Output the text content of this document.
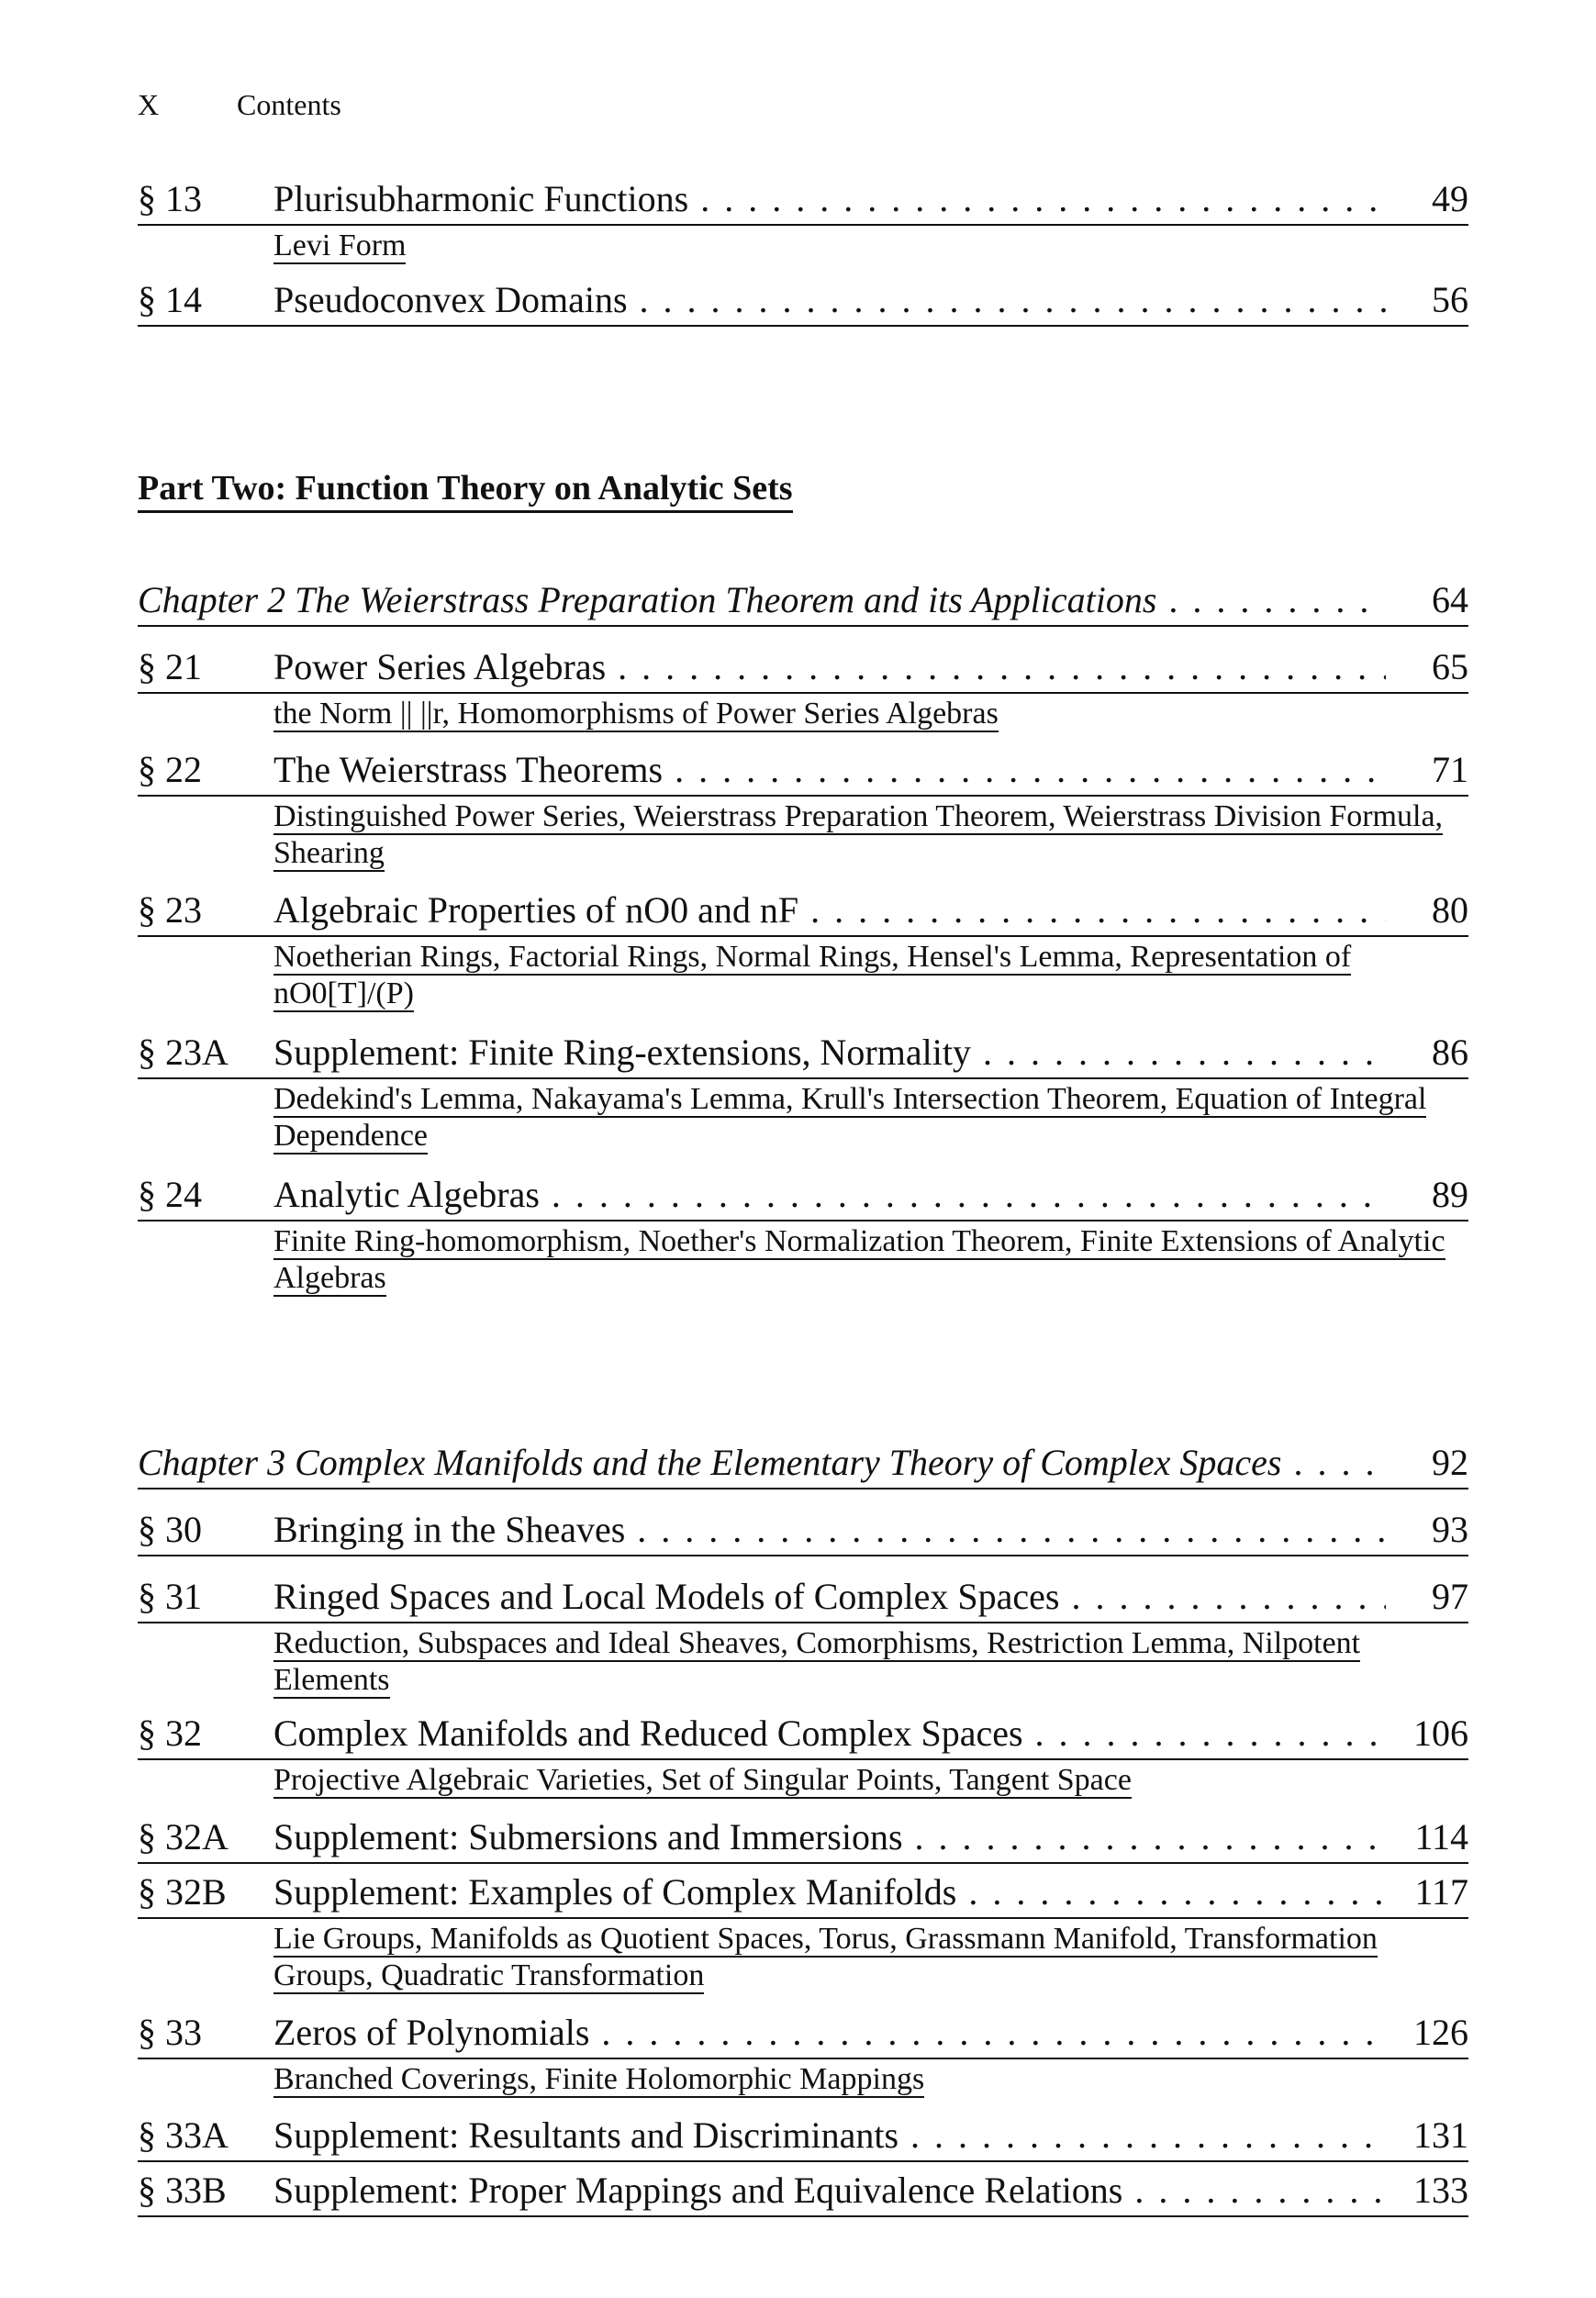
X	Contents
§ 13 Plurisubharmonic Functions . . .	49
Levi Form
§ 14 Pseudoconvex Domains . . .	56
Part Two: Function Theory on Analytic Sets
Chapter 2 The Weierstrass Preparation Theorem and its Applications . . .	64
§ 21 Power Series Algebras . . .	65
the Norm || ||r, Homomorphisms of Power Series Algebras
§ 22 The Weierstrass Theorems . . .	71
Distinguished Power Series, Weierstrass Preparation Theorem, Weierstrass Division Formula, Shearing
§ 23 Algebraic Properties of nO0 and nF . . .	80
Noetherian Rings, Factorial Rings, Normal Rings, Hensel's Lemma, Representation of nO0[T]/(P)
§ 23A Supplement: Finite Ring-extensions, Normality . . .	86
Dedekind's Lemma, Nakayama's Lemma, Krull's Intersection Theorem, Equation of Integral Dependence
§ 24 Analytic Algebras . . .	89
Finite Ring-homomorphism, Noether's Normalization Theorem, Finite Extensions of Analytic Algebras
Chapter 3 Complex Manifolds and the Elementary Theory of Complex Spaces . . .	92
§ 30 Bringing in the Sheaves . . .	93
§ 31 Ringed Spaces and Local Models of Complex Spaces . . .	97
Reduction, Subspaces and Ideal Sheaves, Comorphisms, Restriction Lemma, Nilpotent Elements
§ 32 Complex Manifolds and Reduced Complex Spaces . . .	106
Projective Algebraic Varieties, Set of Singular Points, Tangent Space
§ 32A Supplement: Submersions and Immersions . . .	114
§ 32B Supplement: Examples of Complex Manifolds . . .	117
Lie Groups, Manifolds as Quotient Spaces, Torus, Grassmann Manifold, Transformation Groups, Quadratic Transformation
§ 33 Zeros of Polynomials . . .	126
Branched Coverings, Finite Holomorphic Mappings
§ 33A Supplement: Resultants and Discriminants . . .	131
§ 33B Supplement: Proper Mappings and Equivalence Relations . . .	133
